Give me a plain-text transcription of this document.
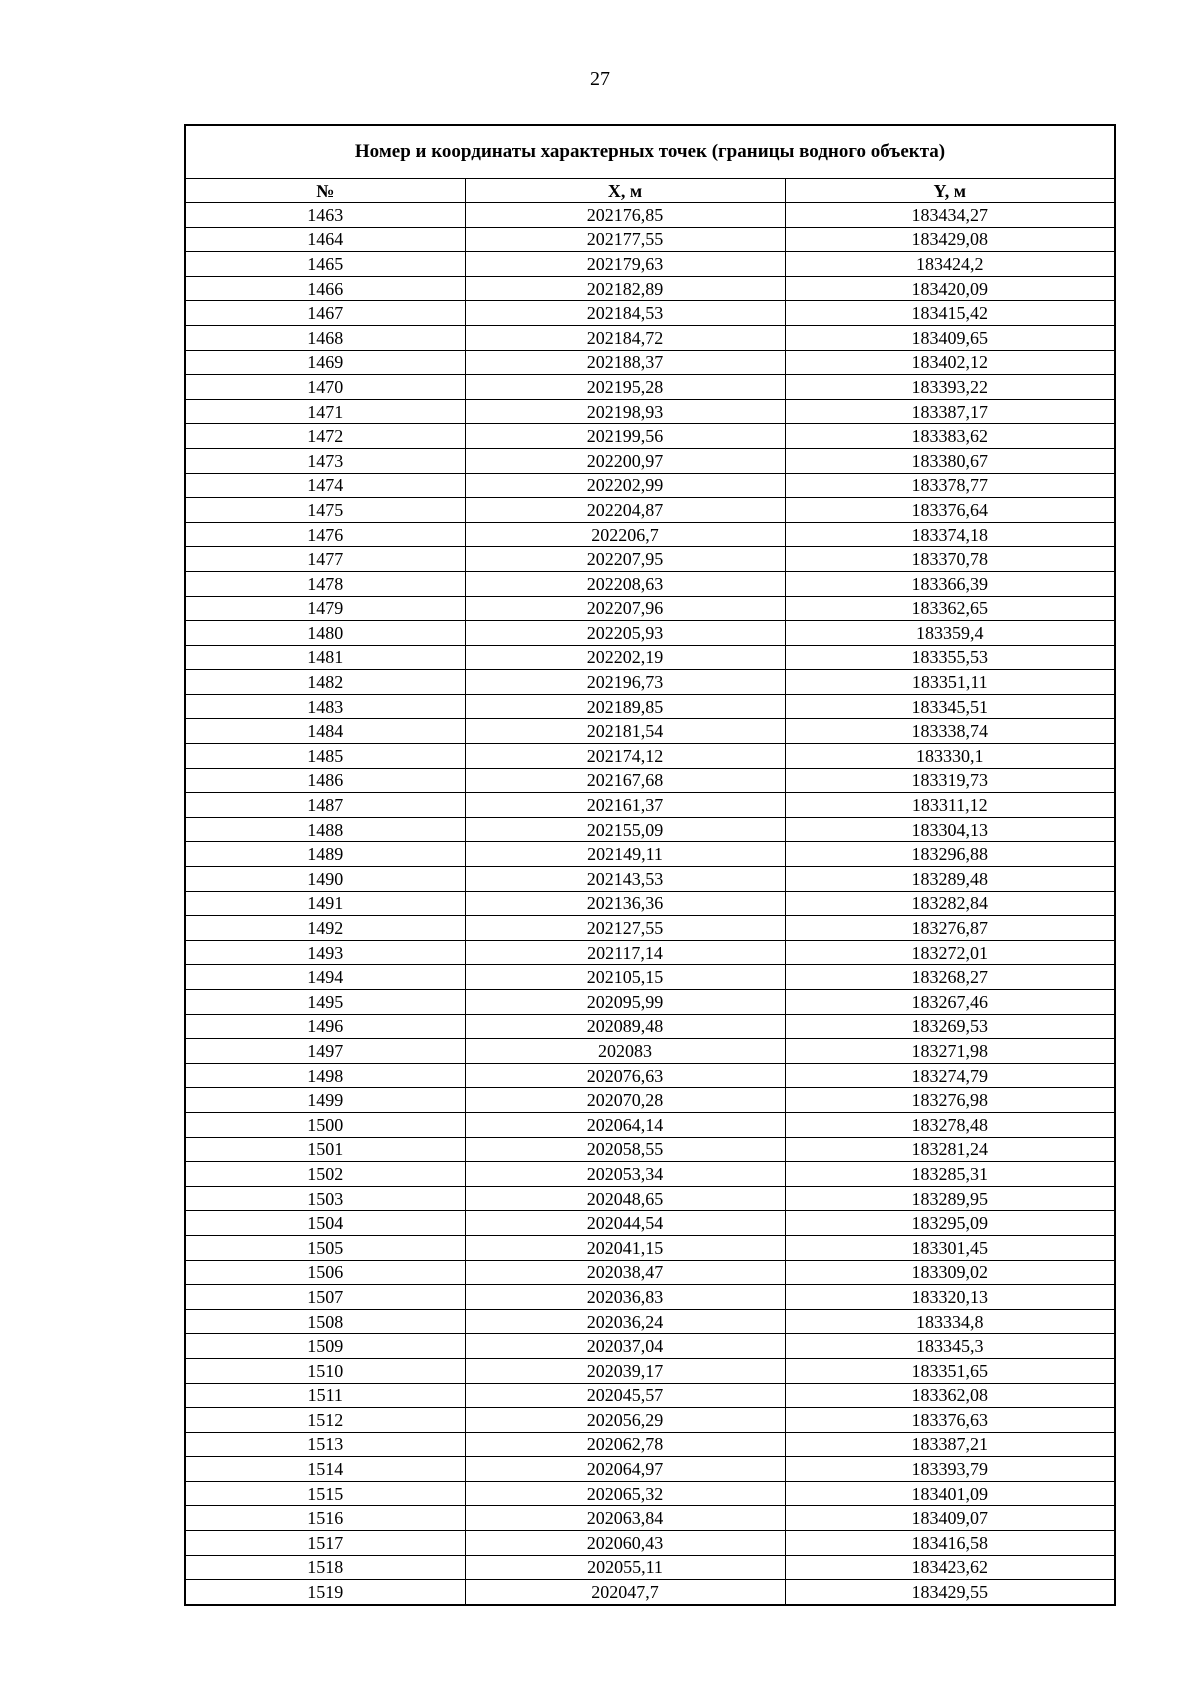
27
Номер и координаты характерных точек (границы водного объекта)		
№	X, м	Y, м
1463	202176,85	183434,27
1464	202177,55	183429,08
1465	202179,63	183424,2
1466	202182,89	183420,09
1467	202184,53	183415,42
1468	202184,72	183409,65
1469	202188,37	183402,12
1470	202195,28	183393,22
1471	202198,93	183387,17
1472	202199,56	183383,62
1473	202200,97	183380,67
1474	202202,99	183378,77
1475	202204,87	183376,64
1476	202206,7	183374,18
1477	202207,95	183370,78
1478	202208,63	183366,39
1479	202207,96	183362,65
1480	202205,93	183359,4
1481	202202,19	183355,53
1482	202196,73	183351,11
1483	202189,85	183345,51
1484	202181,54	183338,74
1485	202174,12	183330,1
1486	202167,68	183319,73
1487	202161,37	183311,12
1488	202155,09	183304,13
1489	202149,11	183296,88
1490	202143,53	183289,48
1491	202136,36	183282,84
1492	202127,55	183276,87
1493	202117,14	183272,01
1494	202105,15	183268,27
1495	202095,99	183267,46
1496	202089,48	183269,53
1497	202083	183271,98
1498	202076,63	183274,79
1499	202070,28	183276,98
1500	202064,14	183278,48
1501	202058,55	183281,24
1502	202053,34	183285,31
1503	202048,65	183289,95
1504	202044,54	183295,09
1505	202041,15	183301,45
1506	202038,47	183309,02
1507	202036,83	183320,13
1508	202036,24	183334,8
1509	202037,04	183345,3
1510	202039,17	183351,65
1511	202045,57	183362,08
1512	202056,29	183376,63
1513	202062,78	183387,21
1514	202064,97	183393,79
1515	202065,32	183401,09
1516	202063,84	183409,07
1517	202060,43	183416,58
1518	202055,11	183423,62
1519	202047,7	183429,55
